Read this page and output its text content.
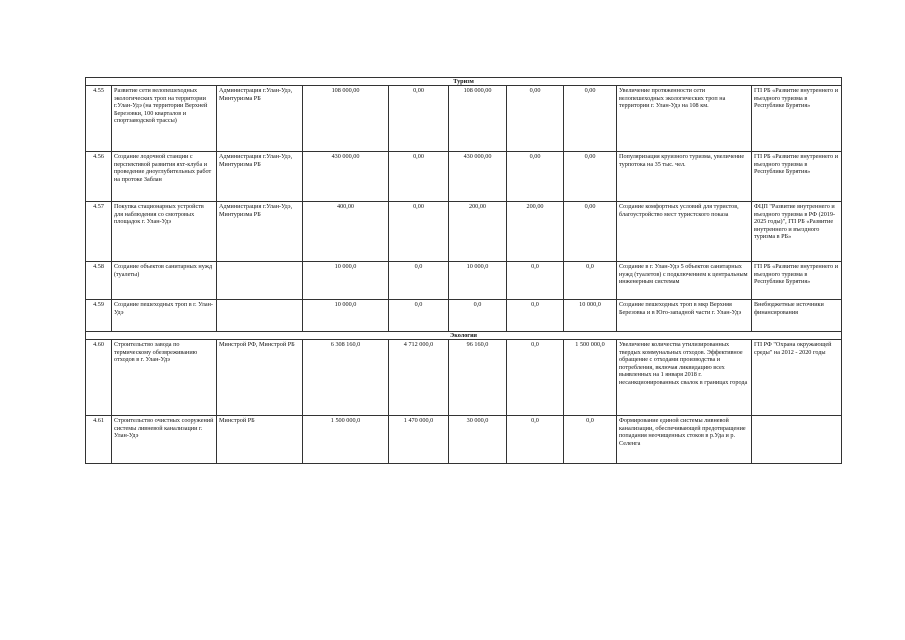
Туризм									
4.55	Развитие сети велопешеходных экологических троп на территории г.Улан-Удэ (на территории Верхней Березовки, 100 кварталов и спортзаводской трассы)	Администрация г.Улан-Удэ, Минтуризма РБ	108 000,00	0,00	108 000,00	0,00	0,00	Увеличение протяженности сети велопешеходных экологических троп на территории г. Улан-Удэ на 108 км.	ГП РБ «Развитие внутреннего и въездного туризма в Республике Бурятия»
4.56	Создание лодочной станции с перспективой развития яхт-клуба и проведение дноуглубительных работ на протоке Заблан	Администрация г.Улан-Удэ, Минтуризма РБ	430 000,00	0,00	430 000,00	0,00	0,00	Популяризация круизного туризма, увеличение турпотока на 35 тыс. чел.	ГП РБ «Развитие внутреннего и въездного туризма в Республике Бурятия»
4.57	Покупка стационарных устройств для наблюдения со смотровых площадок г. Улан-Удэ	Администрация г.Улан-Удэ, Минтуризма РБ	400,00	0,00	200,00	200,00	0,00	Создание комфортных условий для туристов, благоустройство мест туристского показа	ФЦП "Развитие внутреннего и въездного туризма в РФ (2019-2025 годы)", ГП РБ «Развитие внутреннего и въездного туризма в РБ»
4.58	Создание объектов санитарных нужд (туалеты)		10 000,0	0,0	10 000,0	0,0	0,0	Создание в г. Улан-Удэ 5 объектов санитарных нужд (туалетов) с подключением к центральным инженерным системам	ГП РБ «Развитие внутреннего и въездного туризма в Республике Бурятия»
4.59	Создание пешеходных троп в г. Улан-Удэ		10 000,0	0,0	0,0	0,0	10 000,0	Создание пешеходных троп в мкр Верхняя Березовка и в Юго-западной части г. Улан-Удэ	Внебюджетные источники финансирования
Экология									
4.60	Строительство завода по термическому обезвреживанию отходов в г. Улан-Удэ	Минстрой РФ, Минстрой РБ	6 308 160,0	4 712 000,0	96 160,0	0,0	1 500 000,0	Увеличение количества утилизированных твердых коммунальных отходов. Эффективное обращение с отходами производства и потребления, включая ликвидацию всех выявленных на 1 января 2018 г. несанкционированных свалок в границах города	ГП РФ "Охрана окружающей среды" на 2012 - 2020 годы
4.61	Строительство очистных сооружений системы ливневой канализации г. Улан-Удэ	Минстрой РБ	1 500 000,0	1 470 000,0	30 000,0	0,0	0,0	Формирование единой системы ливневой канализации, обеспечивающей предотвращение попадания неочищенных стоков в р.Уда и р. Селенга	
